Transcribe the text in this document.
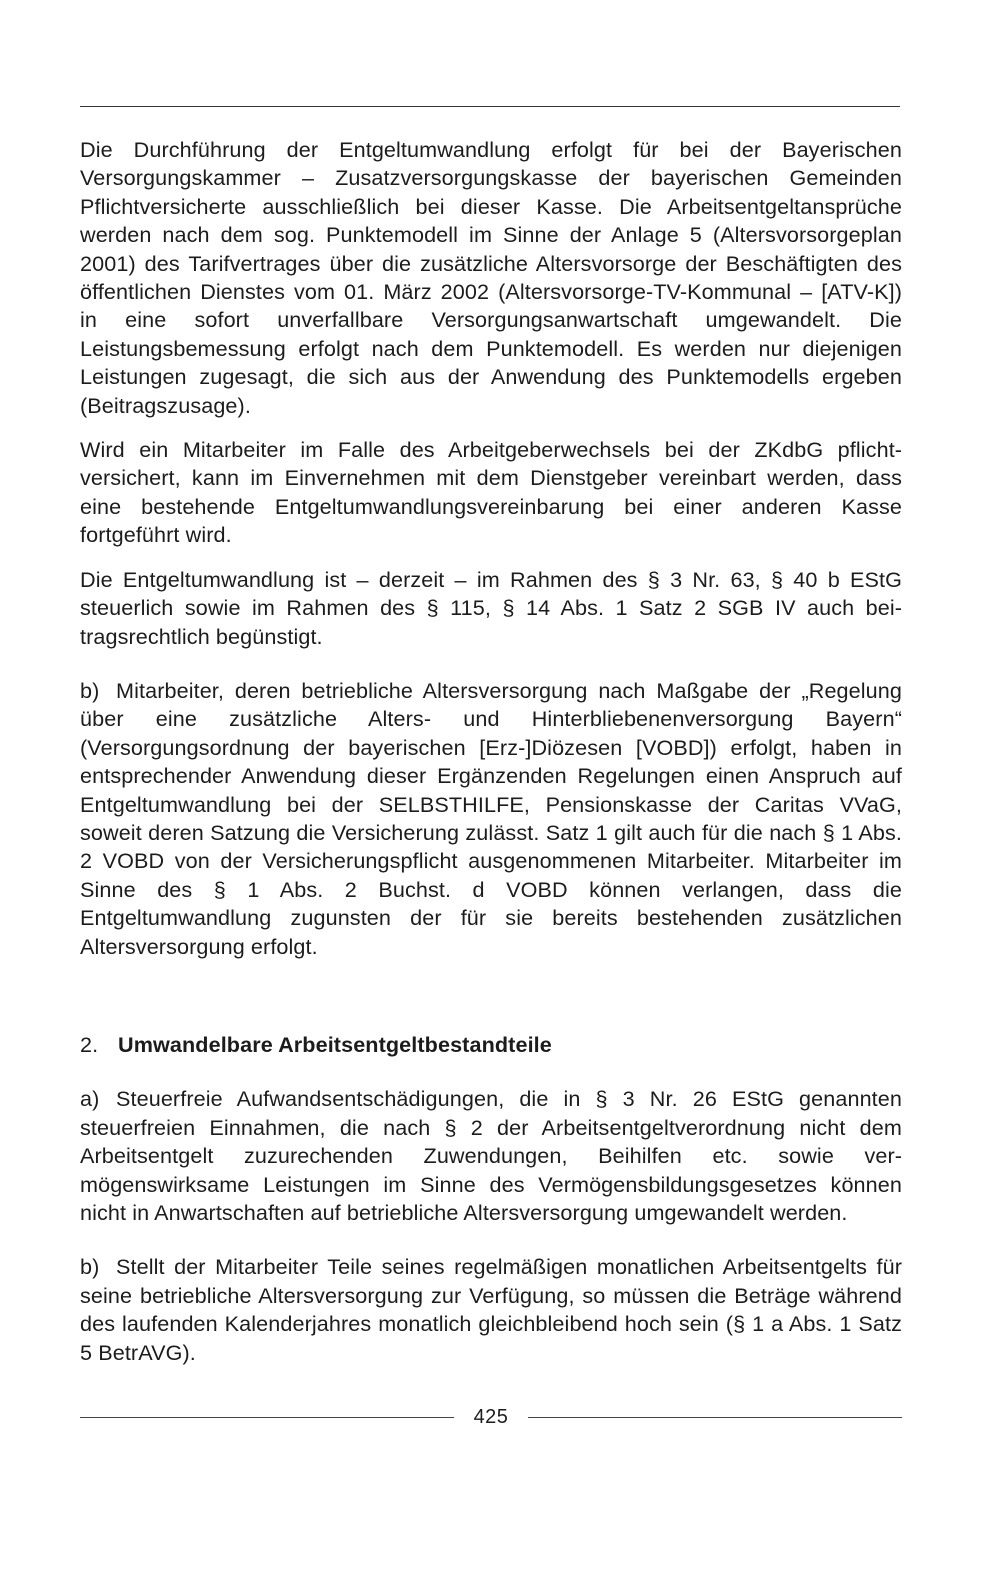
Die Durchführung der Entgeltumwandlung erfolgt für bei der Bayerischen Versorgungskammer – Zusatzversorgungskasse der bayerischen Gemeinden Pflichtversicherte ausschließlich bei dieser Kasse. Die Arbeitsentgeltansprüche werden nach dem sog. Punktemodell im Sinne der Anlage 5 (Altersvorsorgeplan 2001) des Tarifvertrages über die zusätzliche Altersvorsorge der Beschäftigten des öffentlichen Dienstes vom 01. März 2002 (Altersvorsorge-TV-Kommunal – [ATV-K]) in eine sofort unverfallbare Versorgungsanwartschaft umgewandelt. Die Leistungsbemessung erfolgt nach dem Punktemodell. Es werden nur diejenigen Leistungen zugesagt, die sich aus der Anwendung des Punktemodells ergeben (Beitragszusage).

Wird ein Mitarbeiter im Falle des Arbeitgeberwechsels bei der ZKdbG pflichtversichert, kann im Einvernehmen mit dem Dienstgeber vereinbart werden, dass eine bestehende Entgeltumwandlungsvereinbarung bei einer anderen Kasse fortgeführt wird.

Die Entgeltumwandlung ist – derzeit – im Rahmen des § 3 Nr. 63, § 40 b EStG steuerlich sowie im Rahmen des § 115, § 14 Abs. 1 Satz 2 SGB IV auch beitragsrechtlich begünstigt.

b) Mitarbeiter, deren betriebliche Altersversorgung nach Maßgabe der „Regelung über eine zusätzliche Alters- und Hinterbliebenenversorgung Bayern“ (Versorgungsordnung der bayerischen [Erz-]Diözesen [VOBD]) erfolgt, haben in entsprechender Anwendung dieser Ergänzenden Regelungen einen Anspruch auf Entgeltumwandlung bei der SELBSTHILFE, Pensionskasse der Caritas VVaG, soweit deren Satzung die Versicherung zulässt. Satz 1 gilt auch für die nach § 1 Abs. 2 VOBD von der Versicherungspflicht ausgenommenen Mitarbeiter. Mitarbeiter im Sinne des § 1 Abs. 2 Buchst. d VOBD können verlangen, dass die Entgeltumwandlung zugunsten der für sie bereits bestehenden zusätzlichen Altersversorgung erfolgt.

2. Umwandelbare Arbeitsentgeltbestandteile

a) Steuerfreie Aufwandsentschädigungen, die in § 3 Nr. 26 EStG genannten steuerfreien Einnahmen, die nach § 2 der Arbeitsentgeltverordnung nicht dem Arbeitsentgelt zuzurechenden Zuwendungen, Beihilfen etc. sowie vermögenswirksame Leistungen im Sinne des Vermögensbildungsgesetzes können nicht in Anwartschaften auf betriebliche Altersversorgung umgewandelt werden.

b) Stellt der Mitarbeiter Teile seines regelmäßigen monatlichen Arbeitsentgelts für seine betriebliche Altersversorgung zur Verfügung, so müssen die Beträge während des laufenden Kalenderjahres monatlich gleichbleibend hoch sein (§ 1 a Abs. 1 Satz 5 BetrAVG).

425
